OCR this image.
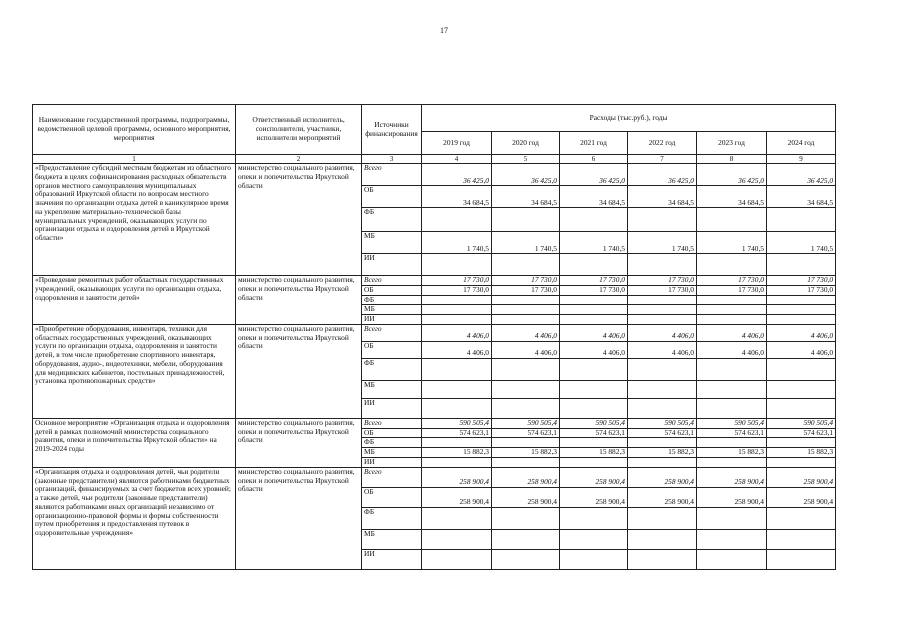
17
Наименование государственной программы, подпрограммы, ведомственной целевой программы, основного мероприятия, мероприятия	Ответственный исполнитель, соисполнители, участники, исполнители мероприятий	Источники финансирования	Расходы (тыс.руб.), годы					
			2019 год	2020 год	2021 год	2022 год	2023 год	2024 год
1	2	3	4	5	6	7	8	9
«Предоставление субсидий местным бюджетам из областного бюджета в целях софинансирования расходных обязательств органов местного самоуправления муниципальных образований Иркутской области по вопросам местного значения по организации отдыха детей в каникулярное время на укрепление материально-технической базы муниципальных учреждений, оказывающих услуги по организации отдыха и оздоровления детей в Иркутской области»	министерство социального развития, опеки и попечительства Иркутской области	Всего	36 425,0	36 425,0	36 425,0	36 425,0	36 425,0	36 425,0
		ОБ	34 684,5	34 684,5	34 684,5	34 684,5	34 684,5	34 684,5
		ФБ						
		МБ	1 740,5	1 740,5	1 740,5	1 740,5	1 740,5	1 740,5
		ИИ						
«Проведение ремонтных работ областных государственных учреждений, оказывающих услуги по организации отдыха, оздоровления и занятости детей»	министерство социального развития, опеки и попечительства Иркутской области	Всего	17 730,0	17 730,0	17 730,0	17 730,0	17 730,0	17 730,0
		ОБ	17 730,0	17 730,0	17 730,0	17 730,0	17 730,0	17 730,0
		ФБ						
		МБ						
		ИИ						
«Приобретение оборудования, инвентаря, техники для областных государственных учреждений, оказывающих услуги по организации отдыха, оздоровления и занятости детей, в том числе приобретение спортивного инвентаря, оборудования, аудио-, видеотехники, мебели, оборудования для медицинских кабинетов, постельных принадлежностей, установка противопожарных средств»	министерство социального развития, опеки и попечительства Иркутской области	Всего	4 406,0	4 406,0	4 406,0	4 406,0	4 406,0	4 406,0
		ОБ	4 406,0	4 406,0	4 406,0	4 406,0	4 406,0	4 406,0
		ФБ						
		МБ						
		ИИ						
Основное мероприятие «Организация отдыха и оздоровления детей в рамках полномочий министерства социального развития, опеки и попечительства Иркутской области» на 2019-2024 годы	министерство социального развития, опеки и попечительства Иркутской области	Всего	590 505,4	590 505,4	590 505,4	590 505,4	590 505,4	590 505,4
		ОБ	574 623,1	574 623,1	574 623,1	574 623,1	574 623,1	574 623,1
		ФБ						
		МБ	15 882,3	15 882,3	15 882,3	15 882,3	15 882,3	15 882,3
		ИИ						
«Организация отдыха и оздоровления детей, чьи родители (законные представители) являются работниками бюджетных организаций, финансируемых за счет бюджетов всех уровней; а также детей, чьи родители (законные представители) являются работниками иных организаций независимо от организационно-правовой формы и формы собственности путем приобретения и предоставления путевок в оздоровительные учреждения»	министерство социального развития, опеки и попечительства Иркутской области	Всего	258 900,4	258 900,4	258 900,4	258 900,4	258 900,4	258 900,4
		ОБ	258 900,4	258 900,4	258 900,4	258 900,4	258 900,4	258 900,4
		ФБ						
		МБ						
		ИИ						
